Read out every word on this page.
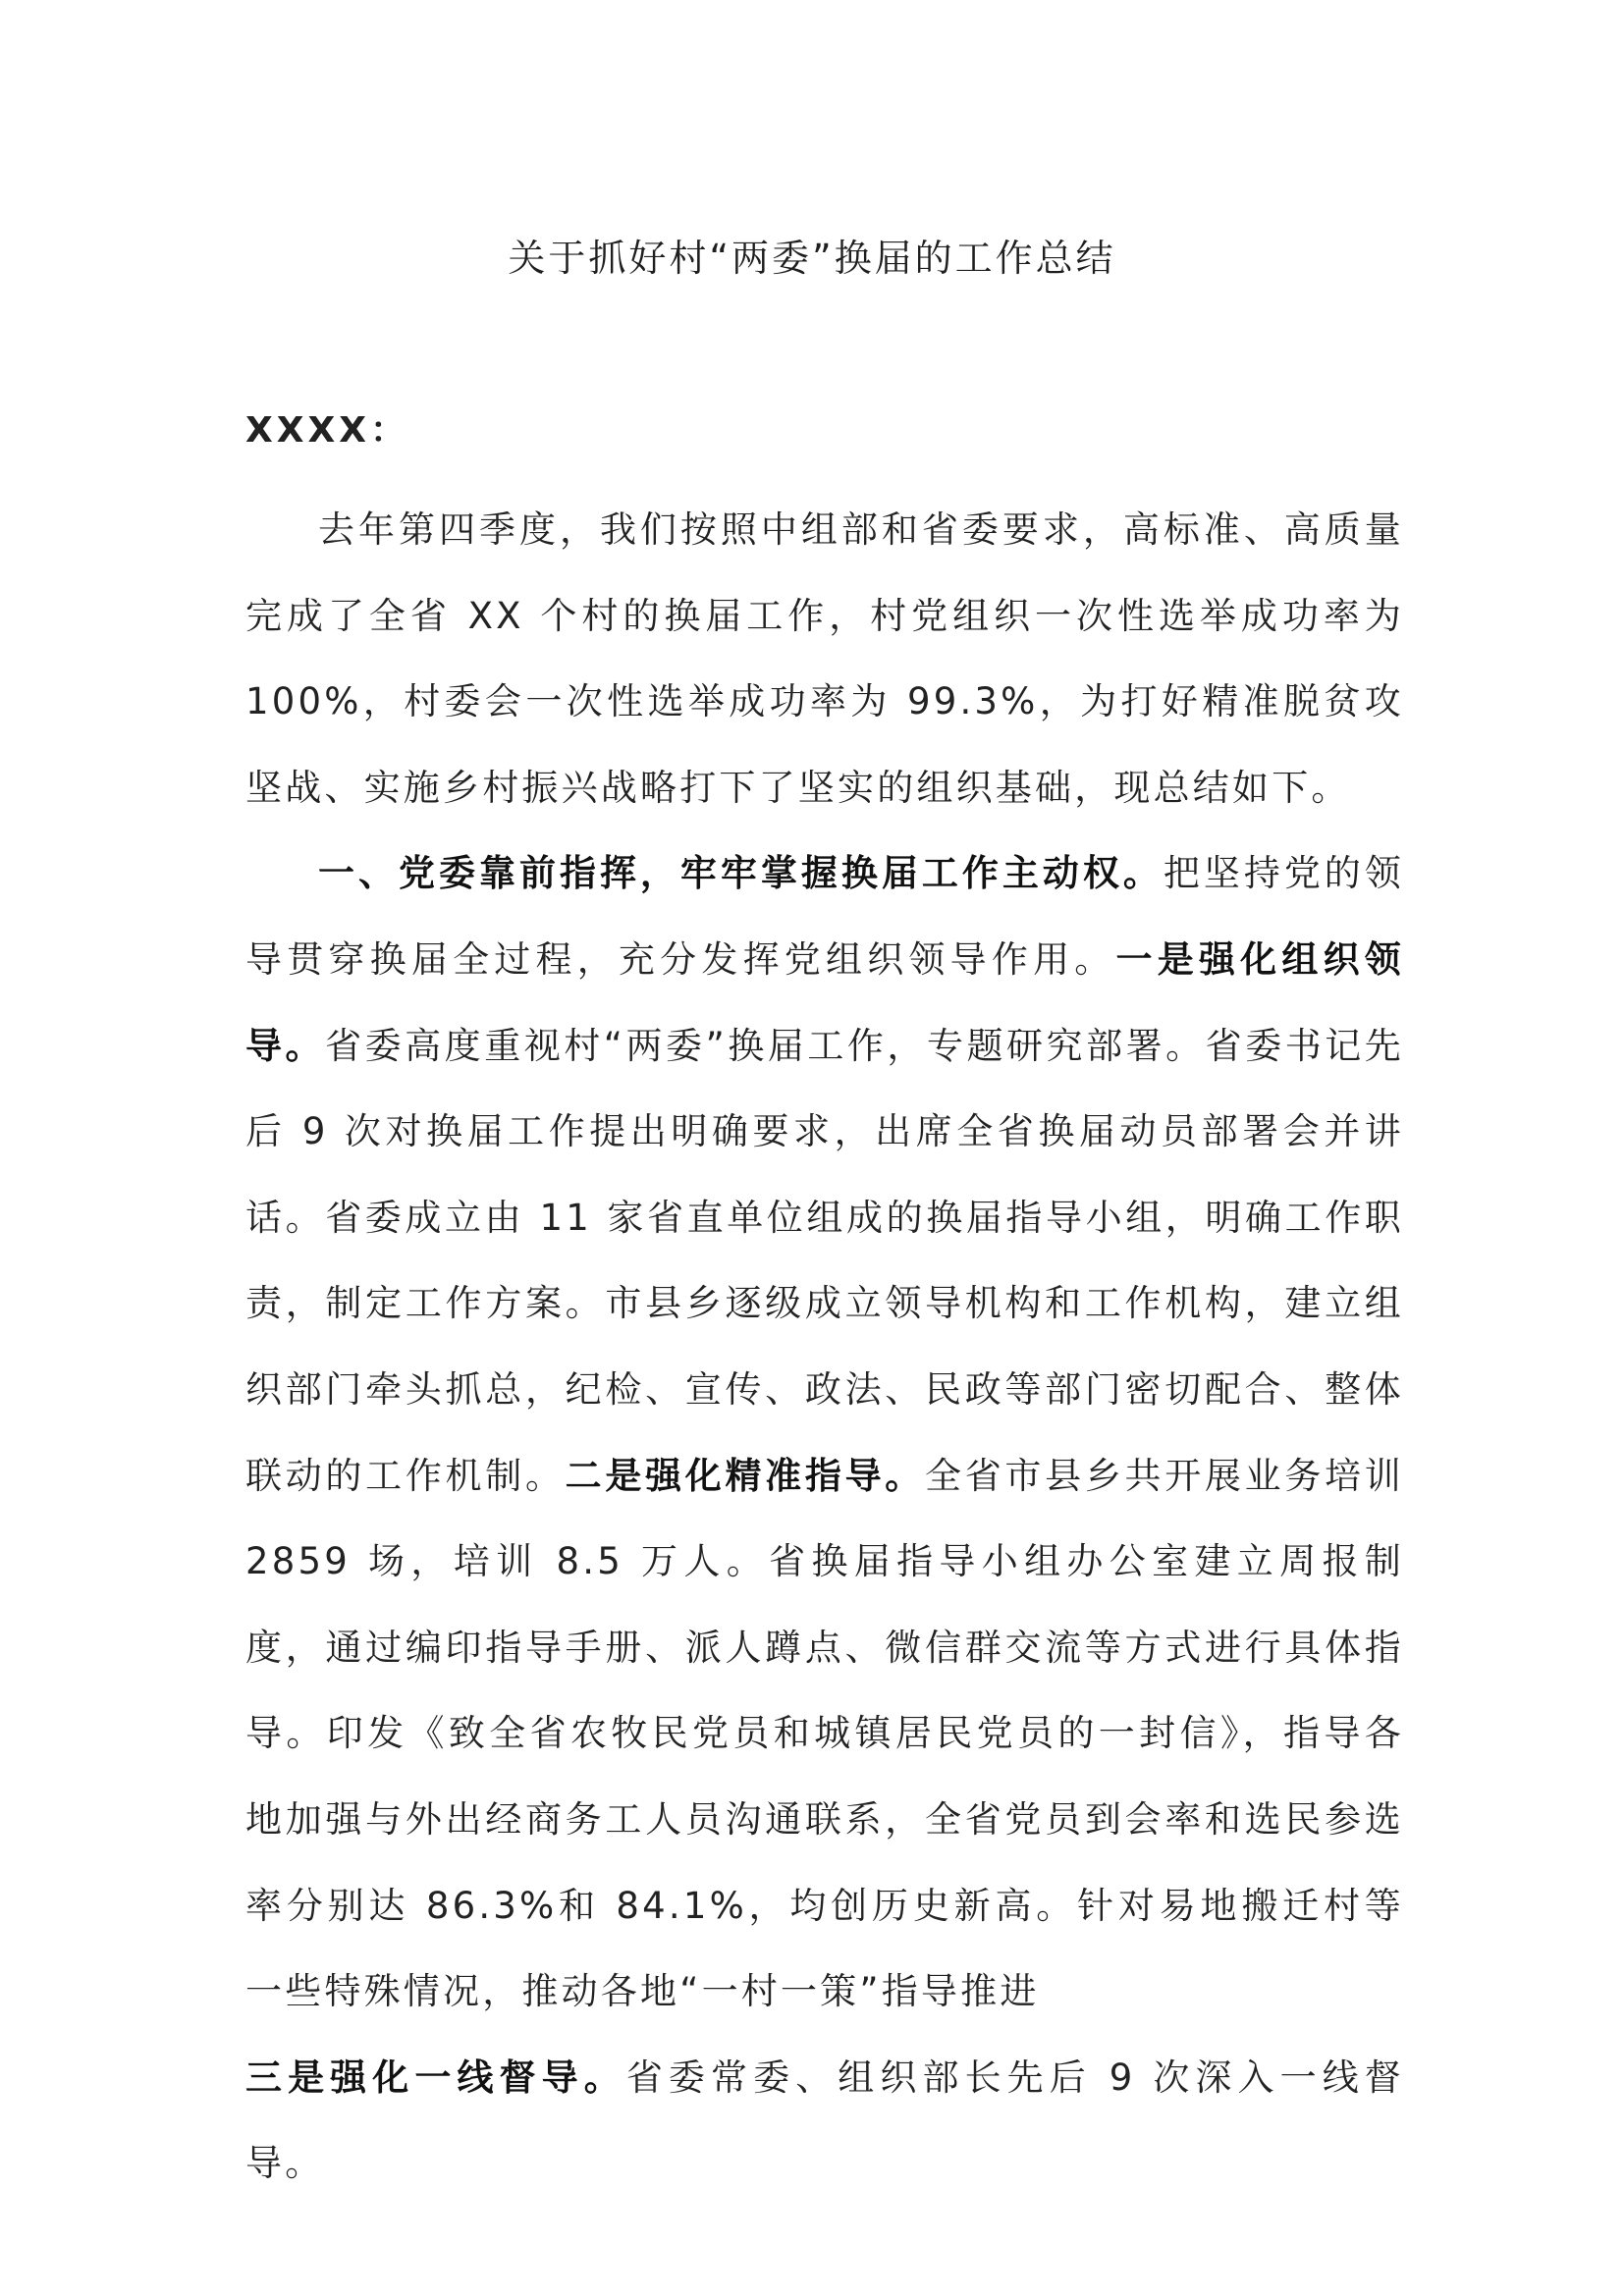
关于抓好村“两委”换届的工作总结
XXXX：

去年第四季度，我们按照中组部和省委要求，高标准、高质量完成了全省 XX 个村的换届工作，村党组织一次性选举成功率为 100%，村委会一次性选举成功率为 99.3%，为打好精准脱贫攻坚战、实施乡村振兴战略打下了坚实的组织基础，现总结如下。

一、党委靠前指挥，牢牢掌握换届工作主动权。把坚持党的领导贯穿换届全过程，充分发挥党组织领导作用。一是强化组织领导。省委高度重视村“两委”换届工作，专题研究部署。省委书记先后 9 次对换届工作提出明确要求，出席全省换届动员部署会并讲话。省委成立由 11 家省直单位组成的换届指导小组，明确工作职责，制定工作方案。市县乡逐级成立领导机构和工作机构，建立组织部门牵头抓总，纪检、宣传、政法、民政等部门密切配合、整体联动的工作机制。二是强化精准指导。全省市县乡共开展业务培训 2859 场，培训 8.5 万人。省换届指导小组办公室建立周报制度，通过编印指导手册、派人蹲点、微信群交流等方式进行具体指导。印发《致全省农牧民党员和城镇居民党员的一封信》，指导各地加强与外出经商务工人员沟通联系，全省党员到会率和选民参选率分别达 86.3%和 84.1%，均创历史新高。针对易地搬迁村等一些特殊情况，推动各地“一村一策”指导推进
三是强化一线督导。省委常委、组织部长先后 9 次深入一线督导。
